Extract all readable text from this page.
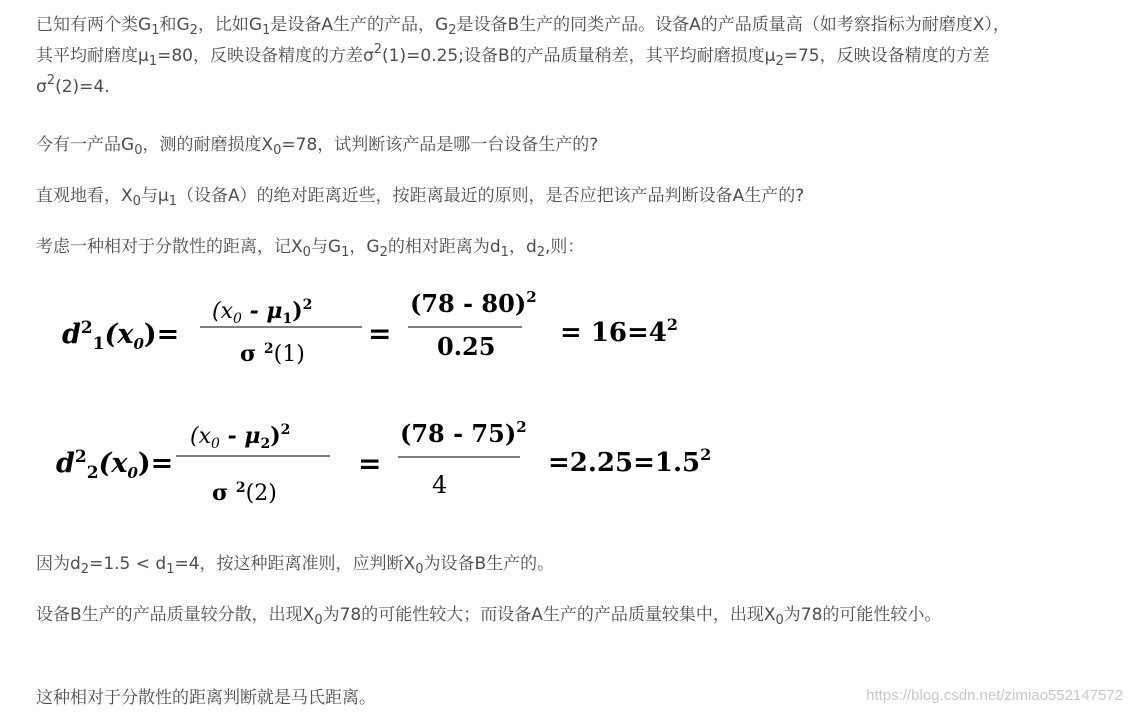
已知有两个类$G_1$和$G_2$，比如$G_1$是设备A生产的产品，$G_2$是设备B生产的同类产品。设备A的产品质量高（如考察指标为耐磨度X），其平均耐磨度$\mu_1=80$，反映设备精度的方差$\sigma^2(1)=0.25$;设备B的产品质量稍差，其平均耐磨损度$\mu_2=75$，反映设备精度的方差$\sigma^2(2)=4$.

今有一产品$G_0$，测的耐磨损度$X_0=78$，试判断该产品是哪一台设备生产的?

直观地看，$X_0$与$\mu_1$（设备A）的绝对距离近些，按距离最近的原则，是否应把该产品判断设备A生产的?

考虑一种相对于分散性的距离，记$X_0$与$G_1$，$G_2$的相对距离为$d_1$，$d_2$,则：

因为$d_2=1.5 < d_1=4$，按这种距离准则，应判断$X_0$为设备B生产的。

设备B生产的产品质量较分散，出现$X_0$为78的可能性较大；而设备A生产的产品质量较集中，出现$X_0$为78的可能性较小。

这种相对于分散性的距离判断就是马氏距离。

$d^2_1(x_0)=$
$(x_0 - \mu_1)^2$
σ $^2$(1)
=
(78 - 80)$^2$
$0.25 = 16=4^2$
$d^2_2(x_0)=$
$(x_0 - \mu_2)^2$
σ $^2$(2)
=
(78 - 75)$^2$
4
$=2.25=1.5^2$
https://blog.csdn.net/zimiao552147572
